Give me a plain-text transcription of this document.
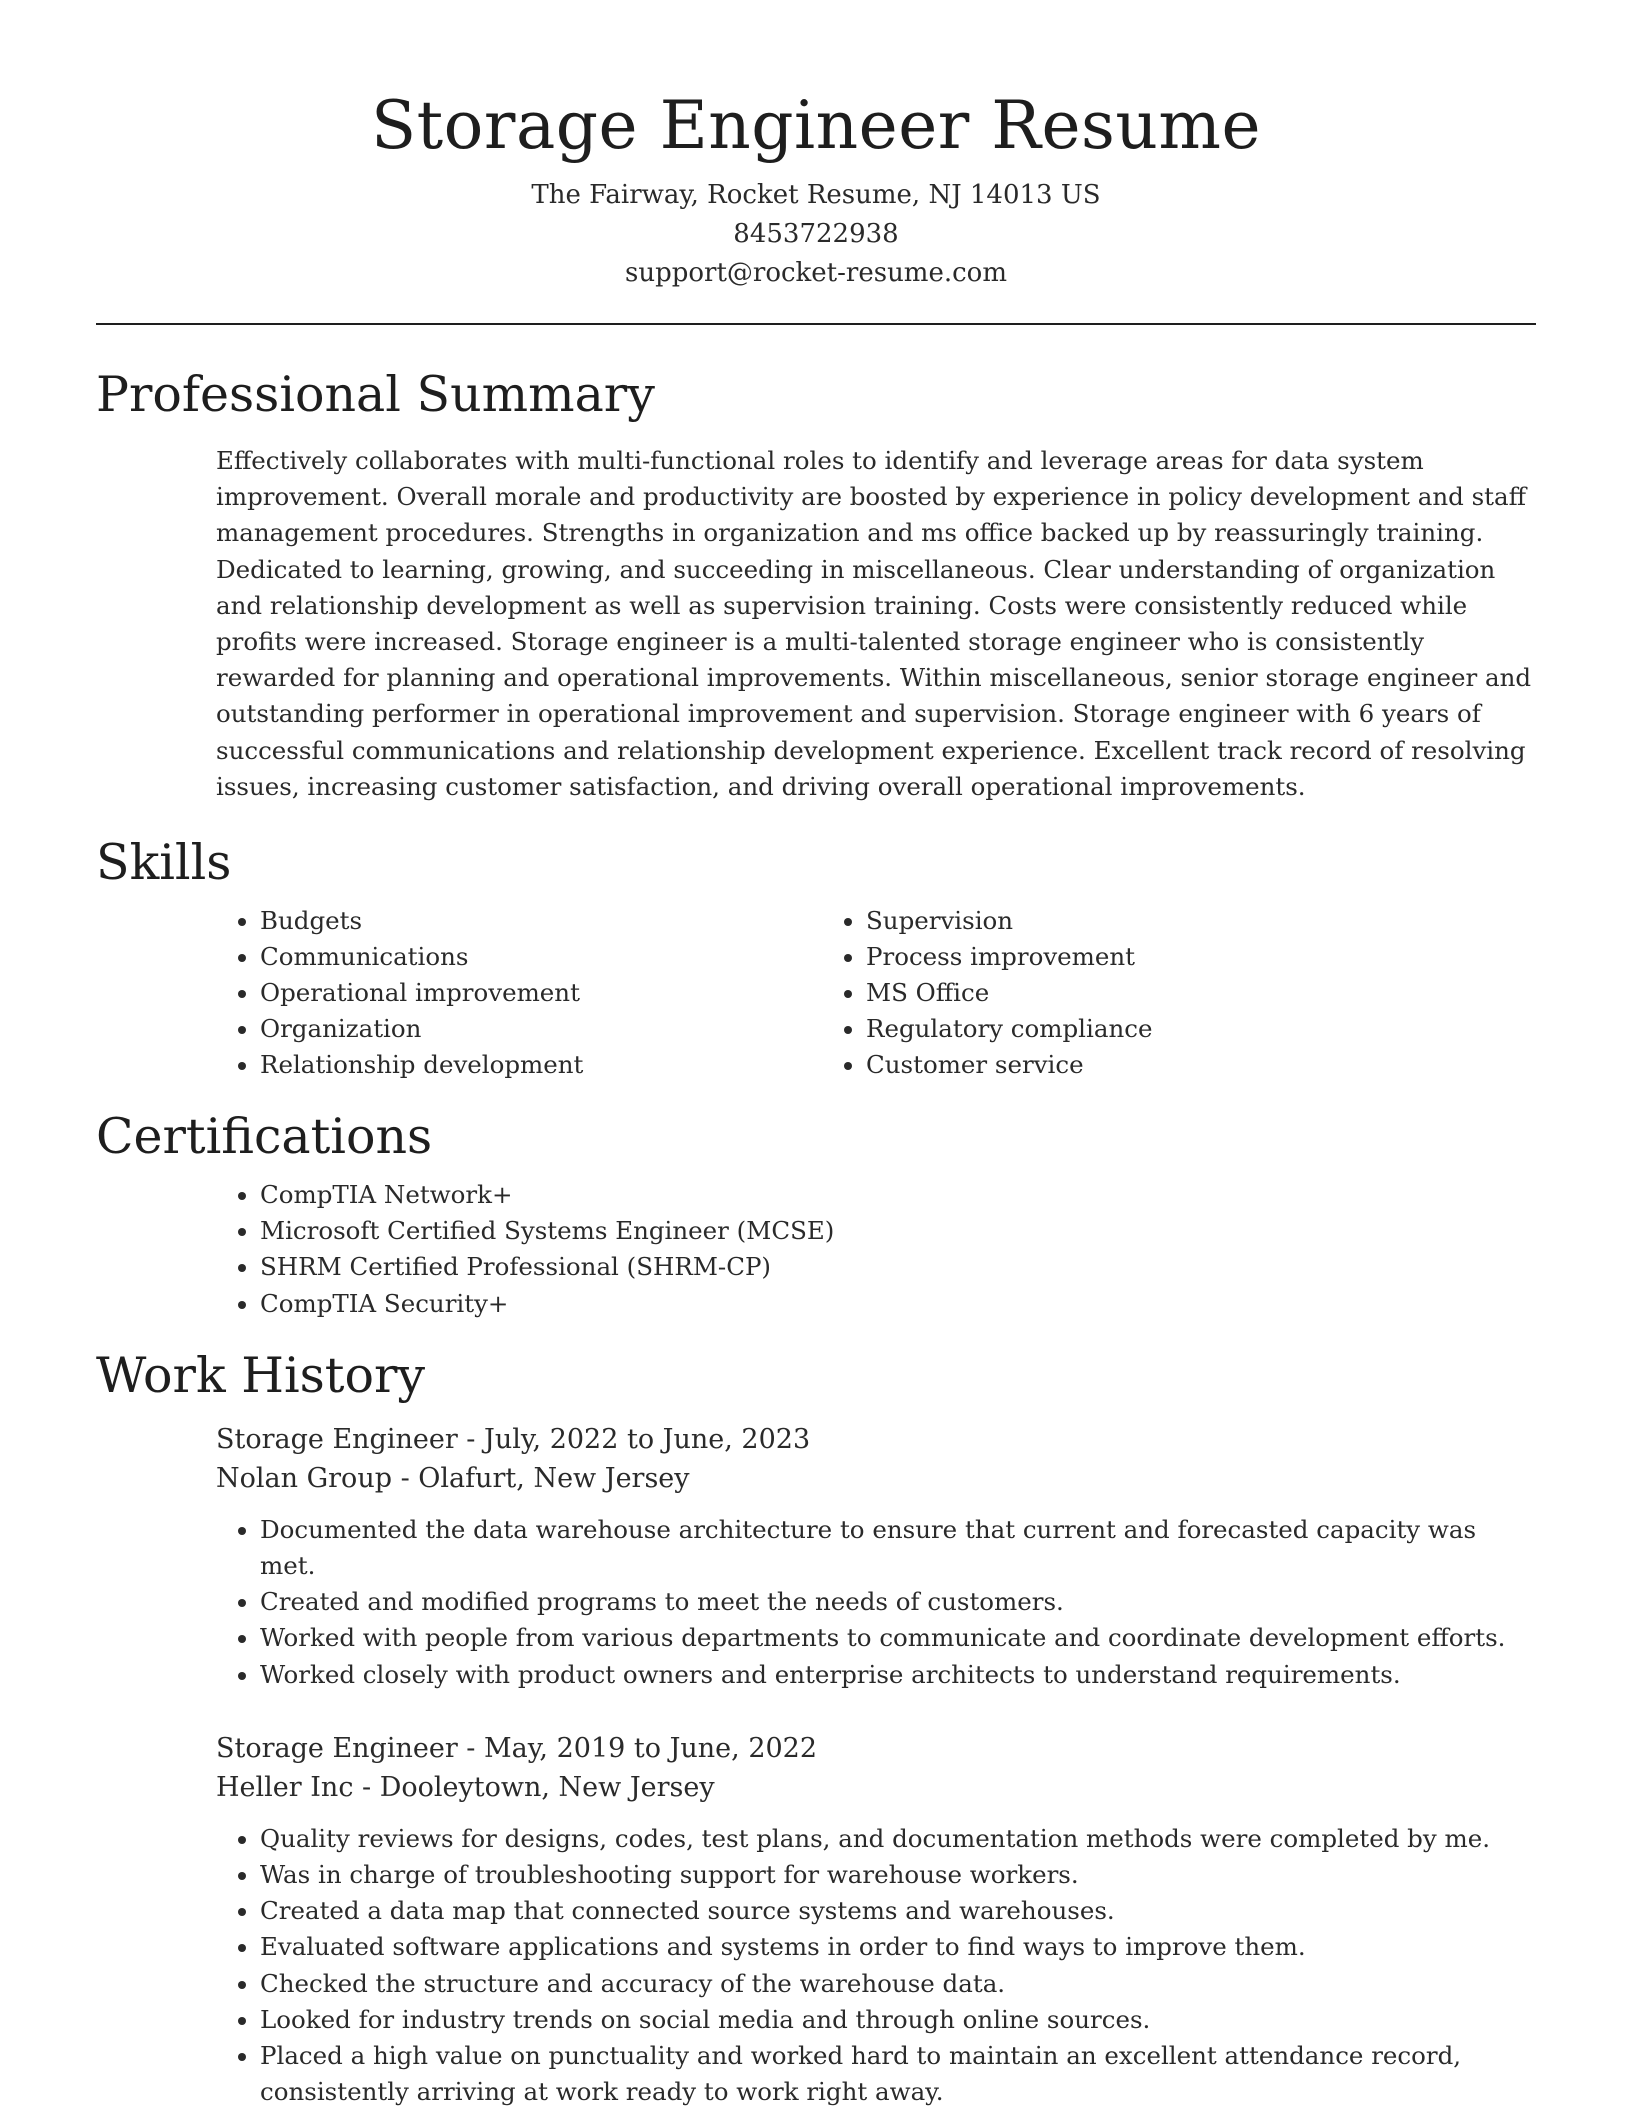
Storage Engineer Resume
The Fairway, Rocket Resume, NJ 14013 US
8453722938
support@rocket-resume.com
Professional Summary

Effectively collaborates with multi-functional roles to identify and leverage areas for data system improvement. Overall morale and productivity are boosted by experience in policy development and staff management procedures. Strengths in organization and ms office backed up by reassuringly training. Dedicated to learning, growing, and succeeding in miscellaneous. Clear understanding of organization and relationship development as well as supervision training. Costs were consistently reduced while profits were increased. Storage engineer is a multi-talented storage engineer who is consistently rewarded for planning and operational improvements. Within miscellaneous, senior storage engineer and outstanding performer in operational improvement and supervision. Storage engineer with 6 years of successful communications and relationship development experience. Excellent track record of resolving issues, increasing customer satisfaction, and driving overall operational improvements.

Skills
• Budgets
• Communications
• Operational improvement
• Organization
• Relationship development
• Supervision
• Process improvement
• MS Office
• Regulatory compliance
• Customer service
Certifications
• CompTIA Network+
• Microsoft Certified Systems Engineer (MCSE)
• SHRM Certified Professional (SHRM-CP)
• CompTIA Security+
Work History
Storage Engineer - July, 2022 to June, 2023
Nolan Group - Olafurt, New Jersey
• Documented the data warehouse architecture to ensure that current and forecasted capacity was met.
• Created and modified programs to meet the needs of customers.
• Worked with people from various departments to communicate and coordinate development efforts.
• Worked closely with product owners and enterprise architects to understand requirements.
Storage Engineer - May, 2019 to June, 2022
Heller Inc - Dooleytown, New Jersey
• Quality reviews for designs, codes, test plans, and documentation methods were completed by me.
• Was in charge of troubleshooting support for warehouse workers.
• Created a data map that connected source systems and warehouses.
• Evaluated software applications and systems in order to find ways to improve them.
• Checked the structure and accuracy of the warehouse data.
• Looked for industry trends on social media and through online sources.
• Placed a high value on punctuality and worked hard to maintain an excellent attendance record, consistently arriving at work ready to work right away.
